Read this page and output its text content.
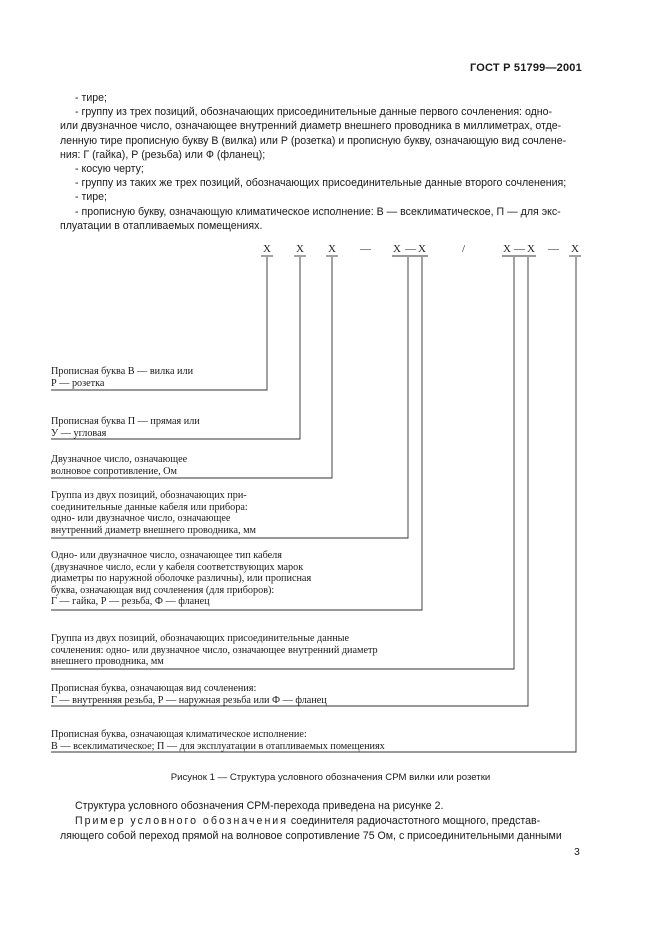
ГОСТ Р 51799—2001

- тире;

- группу из трех позиций, обозначающих присоединительные данные первого сочленения: одно-

или двузначное число, означающее внутренний диаметр внешнего проводника в миллиметрах, отде-

ленную тире прописную букву В (вилка) или Р (розетка) и прописную букву, означающую вид сочлене-

ния: Г (гайка), Р (резьба) или Ф (фланец);

- косую черту;

- группу из таких же трех позиций, обозначающих присоединительные данные второго сочленения;

- тире;

- прописную букву, означающую климатическое исполнение: В — всеклиматическое, П — для экс-

плуатации в отапливаемых помещениях.

X X X — X — X	/	X — X — X
Прописная буква В — вилка или
Р — розетка
Прописная буква П — прямая или
У — угловая
Двузначное число, означающее
волновое сопротивление, Ом
Группа из двух позиций, обозначающих при-
соединительные данные кабеля или прибора:
одно- или двузначное число, означающее
внутренний диаметр внешнего проводника, мм
Одно- или двузначное число, означающее тип кабеля
(двузначное число, если у кабеля соответствующих марок
диаметры по наружной оболочке различны), или прописная
буква, означающая вид сочленения (для приборов):
Г — гайка, Р — резьба, Ф — фланец
Группа из двух позиций, обозначающих присоединительные данные
сочленения: одно- или двузначное число, означающее внутренний диаметр
внешнего проводника, мм
Прописная буква, означающая вид сочленения:
Г — внутренняя резьба, Р — наружная резьба или Ф — фланец
Прописная буква, означающая климатическое исполнение:
В — всеклиматическое; П — для эксплуатации в отапливаемых помещениях
Рисунок 1 — Структура условного обозначения СРМ вилки или розетки

Структура условного обозначения СРМ-перехода приведена на рисунке 2.

Пример условного обозначения соединителя радиочастотного мощного, представ-

ляющего собой переход прямой на волновое сопротивление 75 Ом, с присоединительными данными

3
